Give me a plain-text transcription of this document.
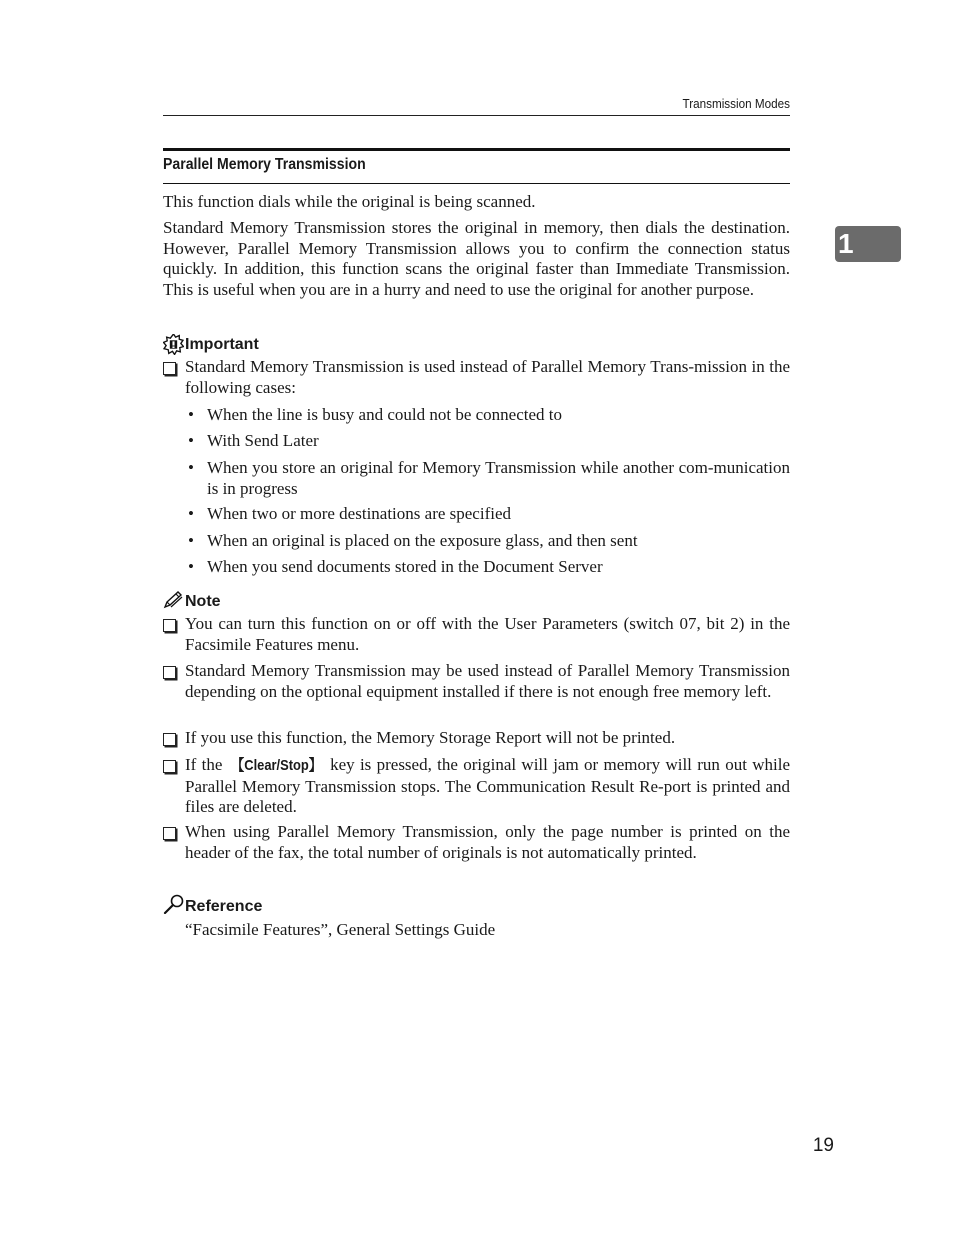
Transmission Modes
1
Parallel Memory Transmission

This function dials while the original is being scanned.

Standard Memory Transmission stores the original in memory, then dials the destination. However, Parallel Memory Transmission allows you to confirm the connection status quickly. In addition, this function scans the original faster than Immediate Transmission. This is useful when you are in a hurry and need to use the original for another purpose.

Important

Standard Memory Transmission is used instead of Parallel Memory Trans-mission in the following cases:

• When the line is busy and could not be connected to

• With Send Later

• When you store an original for Memory Transmission while another com-munication is in progress

• When two or more destinations are specified

• When an original is placed on the exposure glass, and then sent

• When you send documents stored in the Document Server

Note

You can turn this function on or off with the User Parameters (switch 07, bit 2) in the Facsimile Features menu.

Standard Memory Transmission may be used instead of Parallel Memory Transmission depending on the optional equipment installed if there is not enough free memory left.

If you use this function, the Memory Storage Report will not be printed.

If the 【Clear/Stop】 key is pressed, the original will jam or memory will run out while Parallel Memory Transmission stops. The Communication Result Re-port is printed and files are deleted.

When using Parallel Memory Transmission, only the page number is printed on the header of the fax, the total number of originals is not automatically printed.

Reference

“Facsimile Features”, General Settings Guide

19
